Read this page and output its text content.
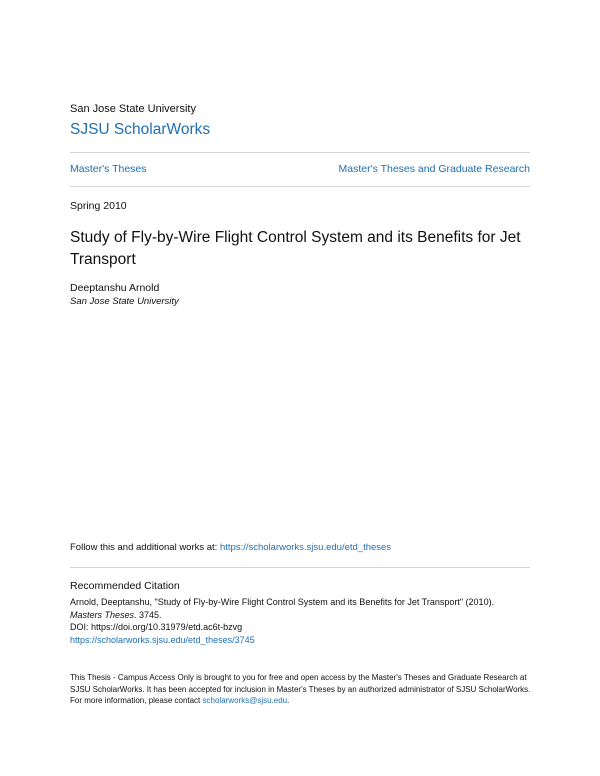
San Jose State University
SJSU ScholarWorks
Master's Theses	Master's Theses and Graduate Research
Spring 2010
Study of Fly-by-Wire Flight Control System and its Benefits for Jet Transport
Deeptanshu Arnold
San Jose State University
Follow this and additional works at: https://scholarworks.sjsu.edu/etd_theses
Recommended Citation
Arnold, Deeptanshu, "Study of Fly-by-Wire Flight Control System and its Benefits for Jet Transport" (2010).
Masters Theses. 3745.
DOI: https://doi.org/10.31979/etd.ac6t-bzvg
https://scholarworks.sjsu.edu/etd_theses/3745
This Thesis - Campus Access Only is brought to you for free and open access by the Master's Theses and Graduate Research at SJSU ScholarWorks. It has been accepted for inclusion in Master's Theses by an authorized administrator of SJSU ScholarWorks. For more information, please contact scholarworks@sjsu.edu.
